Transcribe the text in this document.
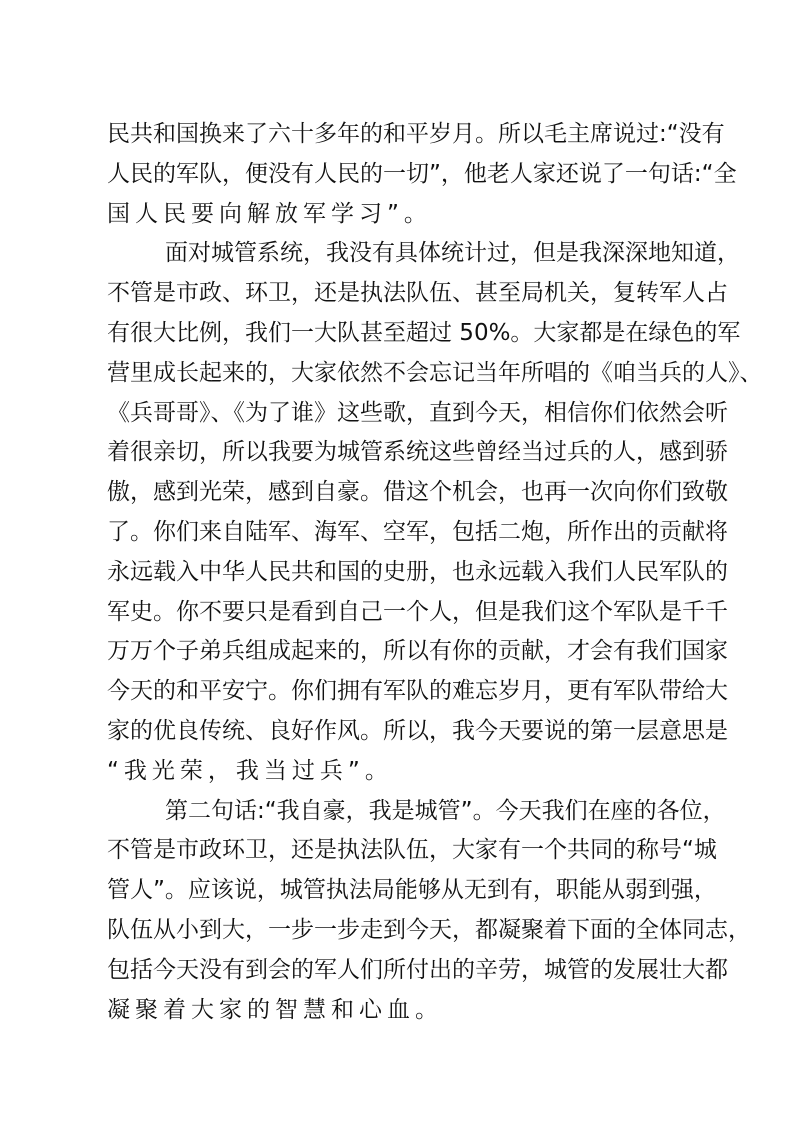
民共和国换来了六十多年的和平岁月。所以毛主席说过:“没有
人民的军队，便没有人民的一切”，他老人家还说了一句话:“全
国人民要向解放军学习”。
面对城管系统，我没有具体统计过，但是我深深地知道，
不管是市政、环卫，还是执法队伍、甚至局机关，复转军人占
有很大比例，我们一大队甚至超过 50%。大家都是在绿色的军
营里成长起来的，大家依然不会忘记当年所唱的《咱当兵的人》、
《兵哥哥》、《为了谁》这些歌，直到今天，相信你们依然会听
着很亲切，所以我要为城管系统这些曾经当过兵的人，感到骄
傲，感到光荣，感到自豪。借这个机会，也再一次向你们致敬
了。你们来自陆军、海军、空军，包括二炮，所作出的贡献将
永远载入中华人民共和国的史册，也永远载入我们人民军队的
军史。你不要只是看到自己一个人，但是我们这个军队是千千
万万个子弟兵组成起来的，所以有你的贡献，才会有我们国家
今天的和平安宁。你们拥有军队的难忘岁月，更有军队带给大
家的优良传统、良好作风。所以，我今天要说的第一层意思是
“我光荣，我当过兵”。
第二句话:“我自豪，我是城管”。今天我们在座的各位，
不管是市政环卫，还是执法队伍，大家有一个共同的称号“城
管人”。应该说，城管执法局能够从无到有，职能从弱到强，
队伍从小到大，一步一步走到今天，都凝聚着下面的全体同志，
包括今天没有到会的军人们所付出的辛劳，城管的发展壮大都
凝聚着大家的智慧和心血。
